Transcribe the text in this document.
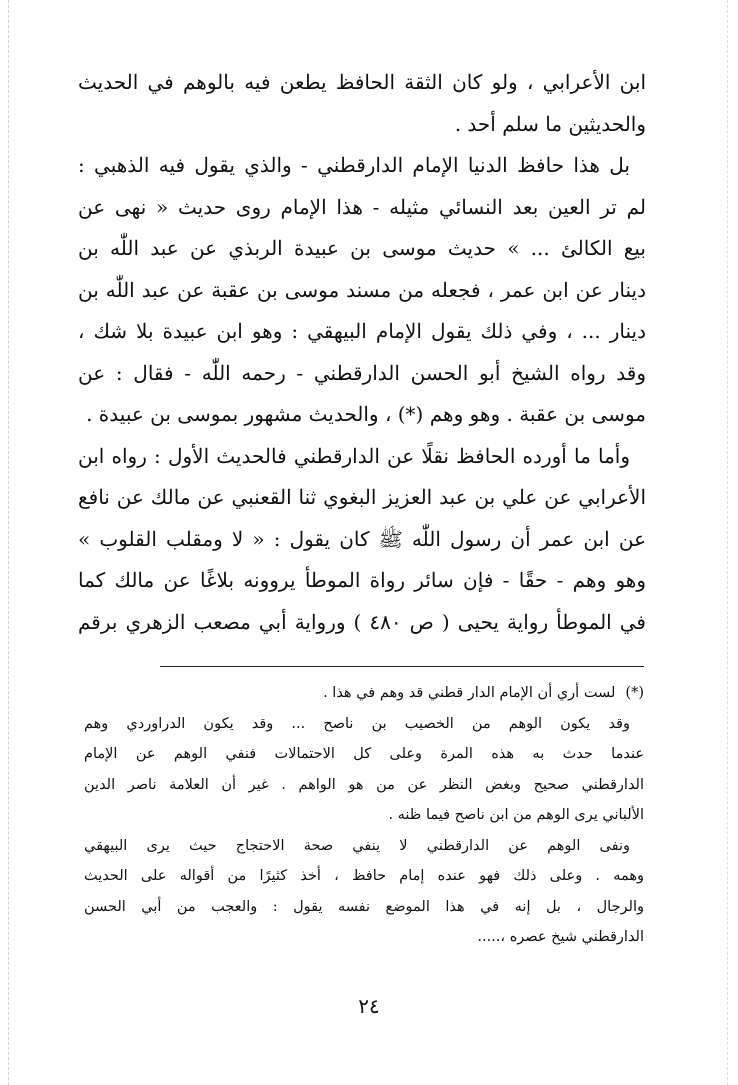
ابن الأعرابي ، ولو كان الثقة الحافظ يطعن فيه بالوهم في الحديث
والحديثين ما سلم أحد .
بل هذا حافظ الدنيا الإمام الدارقطني - والذي يقول فيه الذهبي :
لم تر العين بعد النسائي مثيله - هذا الإمام روى حديث « نهى عن
بيع الكالئ ... » حديث موسى بن عبيدة الربذي عن عبد اللّٰه بن
دينار عن ابن عمر ، فجعله من مسند موسى بن عقبة عن عبد اللّٰه بن
دينار ... ، وفي ذلك يقول الإمام البيهقي : وهو ابن عبيدة بلا شك ،
وقد رواه الشيخ أبو الحسن الدارقطني - رحمه اللّٰه - فقال : عن
موسى بن عقبة . وهو وهم (*) ، والحديث مشهور بموسى بن عبيدة .
وأما ما أورده الحافظ نقلًا عن الدارقطني فالحديث الأول : رواه ابن
الأعرابي عن علي بن عبد العزيز البغوي ثنا القعنبي عن مالك عن نافع
عن ابن عمر أن رسول اللّٰه ﷺ كان يقول : « لا ومقلب القلوب »
وهو وهم - حقًا - فإن سائر رواة الموطأ يروونه بلاغًا عن مالك كما
في الموطأ رواية يحيى ( ص ٤٨٠ ) ورواية أبي مصعب الزهري برقم
(*)لست أري أن الإمام الدار قطني قد وهم في هذا .
وقد يكون الوهم من الخصيب بن ناصح ... وقد يكون الدراوردي وهم
عندما حدث به هذه المرة وعلى كل الاحتمالات فنفي الوهم عن الإمام
الدارقطني صحيح وبغض النظر عن من هو الواهم . غير أن العلامة ناصر الدين
الألباني يرى الوهم من ابن ناصح فيما ظنه .
ونفى الوهم عن الدارقطني لا ينفي صحة الاحتجاج حيث يرى البيهقي
وهمه . وعلى ذلك فهو عنده إمام حافظ ، أخذ كثيرًا من أقواله على الحديث
والرجال ، بل إنه في هذا الموضع نفسه يقول : والعجب من أبي الحسن
الدارقطني شيخ عصره ،.....
٢٤
